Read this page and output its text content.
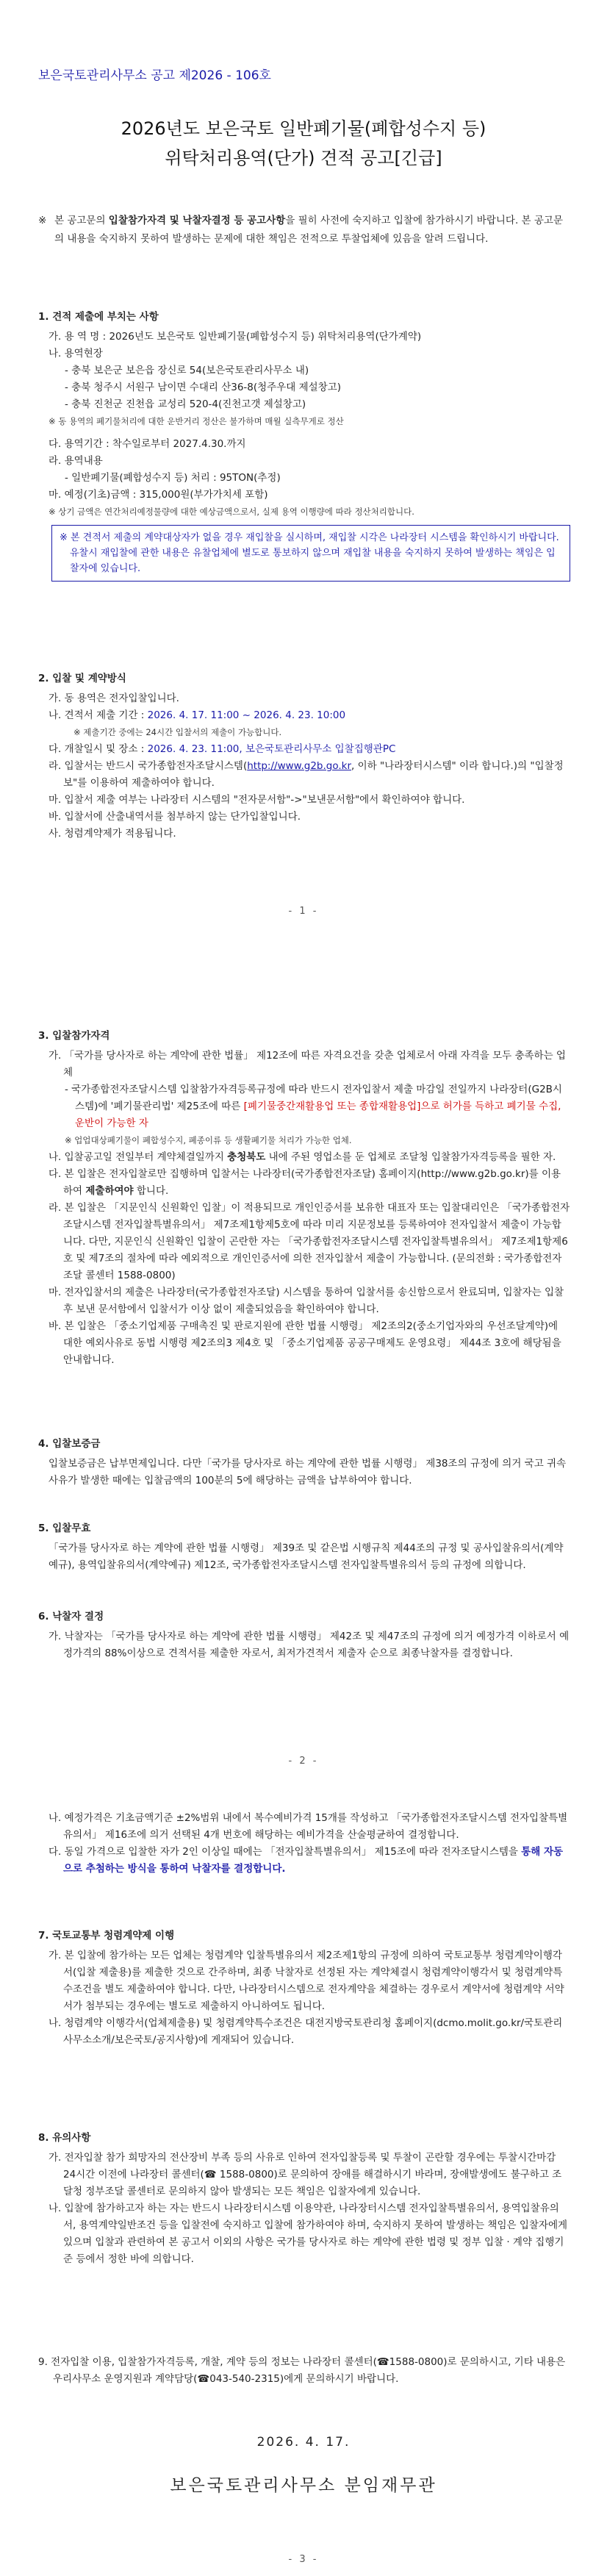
보은국토관리사무소 공고 제2026 - 106호
2026년도 보은국토 일반폐기물(폐합성수지 등)
위탁처리용역(단가) 견적 공고[긴급]
※ 본 공고문의 입찰참가자격 및 낙찰자결정 등 공고사항을 필히 사전에 숙지하고 입찰에 참가하시기 바랍니다. 본 공고문의 내용을 숙지하지 못하여 발생하는 문제에 대한 책임은 전적으로 투찰업체에 있음을 알려 드립니다.
1. 견적 제출에 부치는 사항
가. 용 역 명 : 2026년도 보은국토 일반폐기물(폐합성수지 등) 위탁처리용역(단가계약)
나. 용역현장
- 충북 보은군 보은읍 장신로 54(보은국토관리사무소 내)
- 충북 청주시 서원구 남이면 수대리 산36-8(청주우대 제설창고)
- 충북 진천군 진천읍 교성리 520-4(진천고갯 제설창고)
※ 동 용역의 폐기물처리에 대한 운반거리 정산은 불가하며 매월 실측무게로 정산
다. 용역기간 : 착수일로부터 2027.4.30.까지
라. 용역내용
- 일반폐기물(폐합성수지 등) 처리 : 95TON(추정)
마. 예정(기초)금액 : 315,000원(부가가치세 포함)
※ 상기 금액은 연간처리예정물량에 대한 예상금액으로서, 실제 용역 이행량에 따라 정산처리합니다.
※ 본 견적서 제출의 계약대상자가 없을 경우 재입찰을 실시하며, 재입찰 시각은 나라장터 시스템을 확인하시기 바랍니다.
유찰시 재입찰에 관한 내용은 유찰업체에 별도로 통보하지 않으며 재입찰 내용을 숙지하지 못하여 발생하는 책임은 입찰자에 있습니다.
2. 입찰 및 계약방식
가. 동 용역은 전자입찰입니다.
나. 견적서 제출 기간 : 2026. 4. 17. 11:00 ~ 2026. 4. 23. 10:00
※ 제출기간 중에는 24시간 입찰서의 제출이 가능합니다.
다. 개찰일시 및 장소 : 2026. 4. 23. 11:00, 보은국토관리사무소 입찰집행관PC
라. 입찰서는 반드시 국가종합전자조달시스템(http://www.g2b.go.kr, 이하 "나라장터시스템" 이라 합니다.)의 "입찰정보"를 이용하여 제출하여야 합니다.
마. 입찰서 제출 여부는 나라장터 시스템의 "전자문서함"->"보낸문서함"에서 확인하여야 합니다.
바. 입찰서에 산출내역서를 첨부하지 않는 단가입찰입니다.
사. 청렴계약제가 적용됩니다.
- 1 -
3. 입찰참가자격
가. 「국가를 당사자로 하는 계약에 관한 법률」 제12조에 따른 자격요건을 갖춘 업체로서 아래 자격을 모두 충족하는 업체
- 국가종합전자조달시스템 입찰참가자격등록규정에 따라 반드시 전자입찰서 제출 마감일 전일까지 나라장터(G2B시스템)에 '폐기물관리법' 제25조에 따른 [폐기물중간재활용업 또는 종합재활용업]으로 허가를 득하고 폐기물 수집, 운반이 가능한 자
※ 업업대상폐기물이 폐합성수지, 폐종이류 등 생활폐기물 처리가 가능한 업체.
나. 입찰공고일 전일부터 계약체결일까지 충청북도 내에 주된 영업소를 둔 업체로 조달청 입찰참가자격등록을 필한 자.
다. 본 입찰은 전자입찰로만 집행하며 입찰서는 나라장터(국가종합전자조달) 홈페이지(http://www.g2b.go.kr)를 이용하여 제출하여야 합니다.
라. 본 입찰은 「지문인식 신원확인 입찰」이 적용되므로 개인인증서를 보유한 대표자 또는 입찰대리인은 「국가종합전자조달시스템 전자입찰특별유의서」 제7조제1항제5호에 따라 미리 지문정보를 등록하여야 전자입찰서 제출이 가능합니다. 다만, 지문인식 신원확인 입찰이 곤란한 자는 「국가종합전자조달시스템 전자입찰특별유의서」 제7조제1항제6호 및 제7조의 절차에 따라 예외적으로 개인인증서에 의한 전자입찰서 제출이 가능합니다. (문의전화 : 국가종합전자조달 콜센터 1588-0800)
마. 전자입찰서의 제출은 나라장터(국가종합전자조달) 시스템을 통하여 입찰서를 송신함으로서 완료되며, 입찰자는 입찰 후 보낸 문서함에서 입찰서가 이상 없이 제출되었음을 확인하여야 합니다.
바. 본 입찰은 「중소기업제품 구매촉진 및 판로지원에 관한 법률 시행령」 제2조의2(중소기업자와의 우선조달계약)에 대한 예외사유로 동법 시행령 제2조의3 제4호 및 「중소기업제품 공공구매제도 운영요령」 제44조 3호에 해당됨을 안내합니다.
4. 입찰보증금
입찰보증금은 납부면제입니다. 다만「국가를 당사자로 하는 계약에 관한 법률 시행령」 제38조의 규정에 의거 국고 귀속 사유가 발생한 때에는 입찰금액의 100분의 5에 해당하는 금액을 납부하여야 합니다.
5. 입찰무효
「국가를 당사자로 하는 계약에 관한 법률 시행령」 제39조 및 같은법 시행규칙 제44조의 규정 및 공사입찰유의서(계약예규), 용역입찰유의서(계약예규) 제12조, 국가종합전자조달시스템 전자입찰특별유의서 등의 규정에 의합니다.
6. 낙찰자 결정
가. 낙찰자는 「국가를 당사자로 하는 계약에 관한 법률 시행령」 제42조 및 제47조의 규정에 의거 예정가격 이하로서 예정가격의 88%이상으로 견적서를 제출한 자로서, 최저가견적서 제출자 순으로 최종낙찰자를 결정합니다.
- 2 -
나. 예정가격은 기초금액기준 ±2%범위 내에서 복수예비가격 15개를 작성하고 「국가종합전자조달시스템 전자입찰특별유의서」 제16조에 의거 선택된 4개 번호에 해당하는 예비가격을 산술평균하여 결정합니다.
다. 동일 가격으로 입찰한 자가 2인 이상일 때에는 「전자입찰특별유의서」 제15조에 따라 전자조달시스템을 통해 자동으로 추첨하는 방식을 통하여 낙찰자를 결정합니다.
7. 국토교통부 청렴계약제 이행
가. 본 입찰에 참가하는 모든 업체는 청렴계약 입찰특별유의서 제2조제1항의 규정에 의하여 국토교통부 청렴계약이행각서(입찰 제출용)를 제출한 것으로 간주하며, 최종 낙찰자로 선정된 자는 계약체결시 청렴계약이행각서 및 청렴계약특수조건을 별도 제출하여야 합니다. 다만, 나라장터시스템으로 전자계약을 체결하는 경우로서 계약서에 청렴계약 서약서가 첨부되는 경우에는 별도로 제출하지 아니하여도 됩니다.
나. 청렴계약 이행각서(업체제출용) 및 청렴계약특수조건은 대전지방국토관리청 홈페이지(dcmo.molit.go.kr/국토관리사무소소개/보은국토/공지사항)에 게재되어 있습니다.
8. 유의사항
가. 전자입찰 참가 희망자의 전산장비 부족 등의 사유로 인하여 전자입찰등록 및 투찰이 곤란할 경우에는 투찰시간마감 24시간 이전에 나라장터 콜센터(☎ 1588-0800)로 문의하여 장애를 해결하시기 바라며, 장애발생에도 불구하고 조달청 정부조달 콜센터로 문의하지 않아 발생되는 모든 책임은 입찰자에게 있습니다.
나. 입찰에 참가하고자 하는 자는 반드시 나라장터시스템 이용약관, 나라장터시스템 전자입찰특별유의서, 용역입찰유의서, 용역계약일반조건 등을 입찰전에 숙지하고 입찰에 참가하여야 하며, 숙지하지 못하여 발생하는 책임은 입찰자에게 있으며 입찰과 관련하여 본 공고서 이외의 사항은 국가를 당사자로 하는 계약에 관한 법령 및 정부 입찰 · 계약 집행기준 등에서 정한 바에 의합니다.
9. 전자입찰 이용, 입찰참가자격등록, 개찰, 계약 등의 정보는 나라장터 콜센터(☎1588-0800)로 문의하시고, 기타 내용은 우리사무소 운영지원과 계약담당(☎043-540-2315)에게 문의하시기 바랍니다.
2026. 4. 17.
보은국토관리사무소 분임재무관
- 3 -
